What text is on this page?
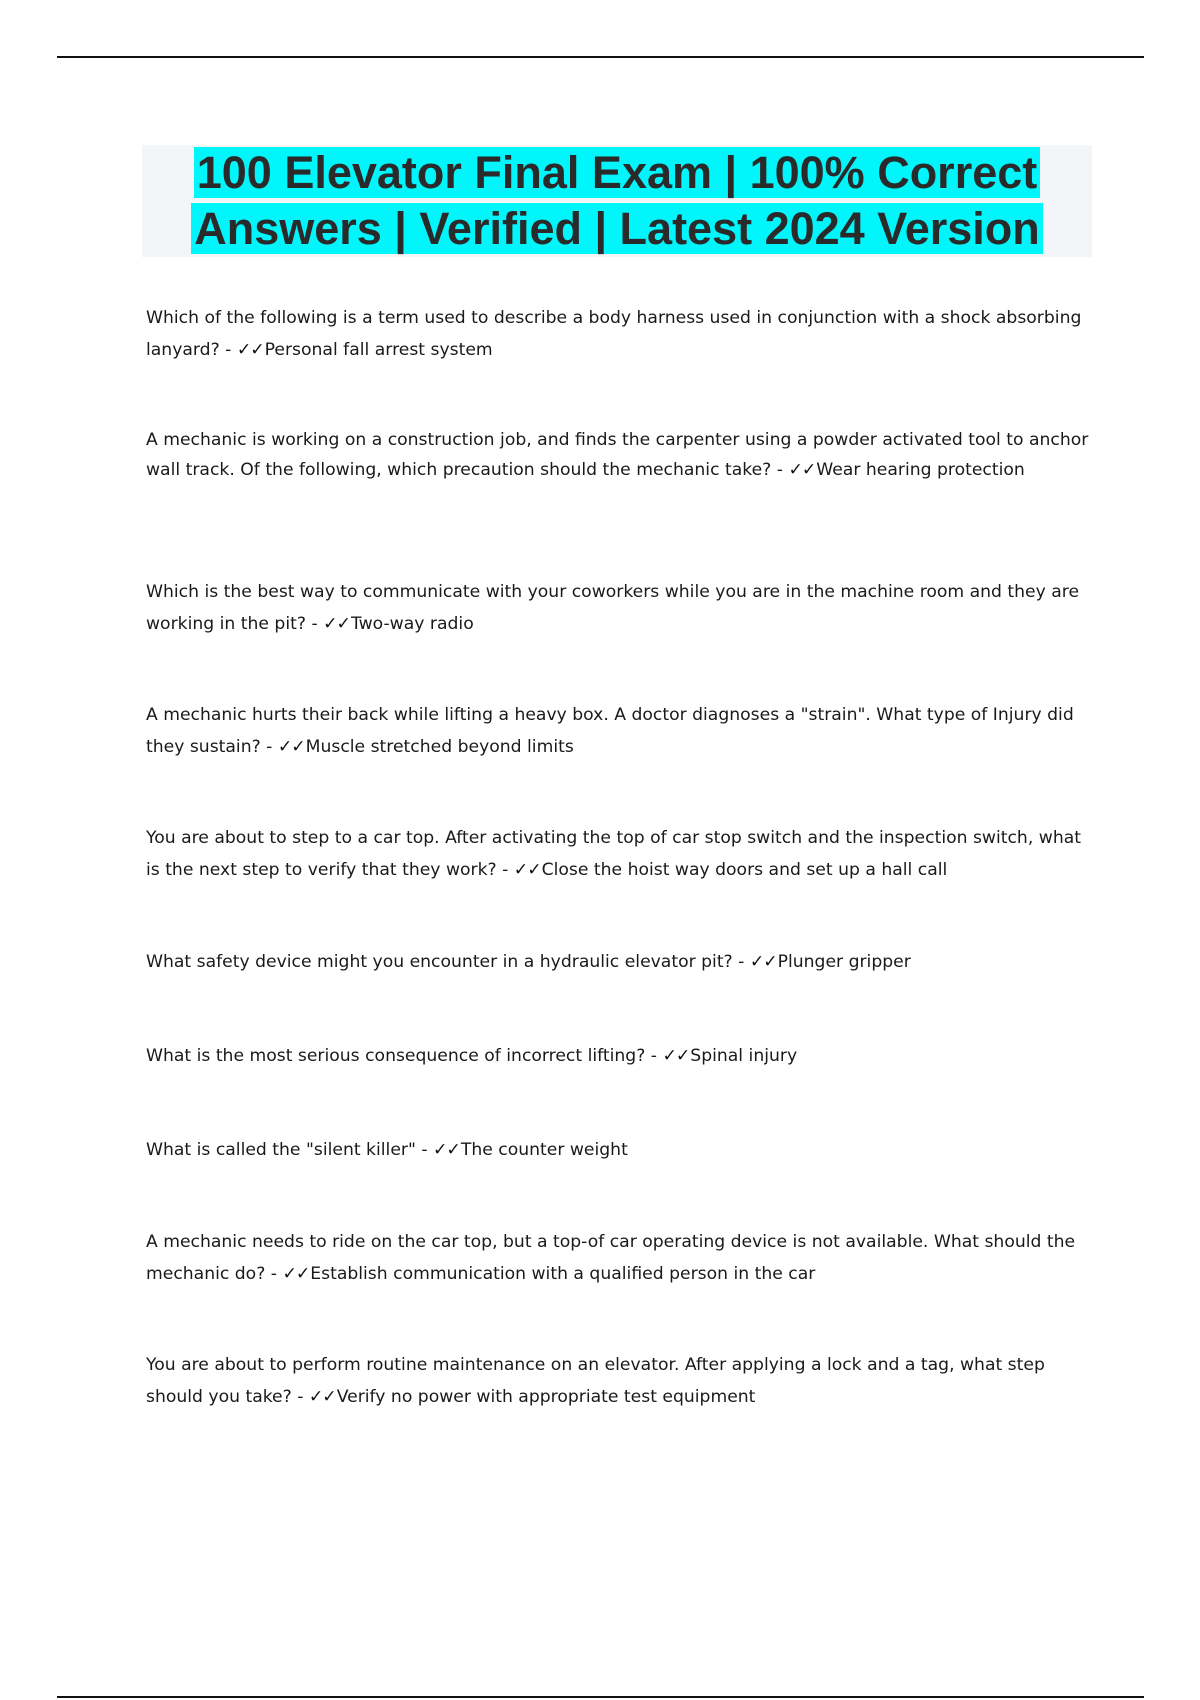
100 Elevator Final Exam | 100% Correct
Answers | Verified | Latest 2024 Version

Which of the following is a term used to describe a body harness used in conjunction with a shock absorbing lanyard? - ✓✓Personal fall arrest system

A mechanic is working on a construction job, and finds the carpenter using a powder activated tool to anchor wall track. Of the following, which precaution should the mechanic take? - ✓✓Wear hearing protection

Which is the best way to communicate with your coworkers while you are in the machine room and they are working in the pit? - ✓✓Two-way radio

A mechanic hurts their back while lifting a heavy box. A doctor diagnoses a "strain". What type of Injury did they sustain? - ✓✓Muscle stretched beyond limits

You are about to step to a car top. After activating the top of car stop switch and the inspection switch, what is the next step to verify that they work? - ✓✓Close the hoist way doors and set up a hall call

What safety device might you encounter in a hydraulic elevator pit? - ✓✓Plunger gripper

What is the most serious consequence of incorrect lifting? - ✓✓Spinal injury

What is called the "silent killer" - ✓✓The counter weight

A mechanic needs to ride on the car top, but a top-of car operating device is not available. What should the mechanic do? - ✓✓Establish communication with a qualified person in the car

You are about to perform routine maintenance on an elevator. After applying a lock and a tag, what step should you take? - ✓✓Verify no power with appropriate test equipment
